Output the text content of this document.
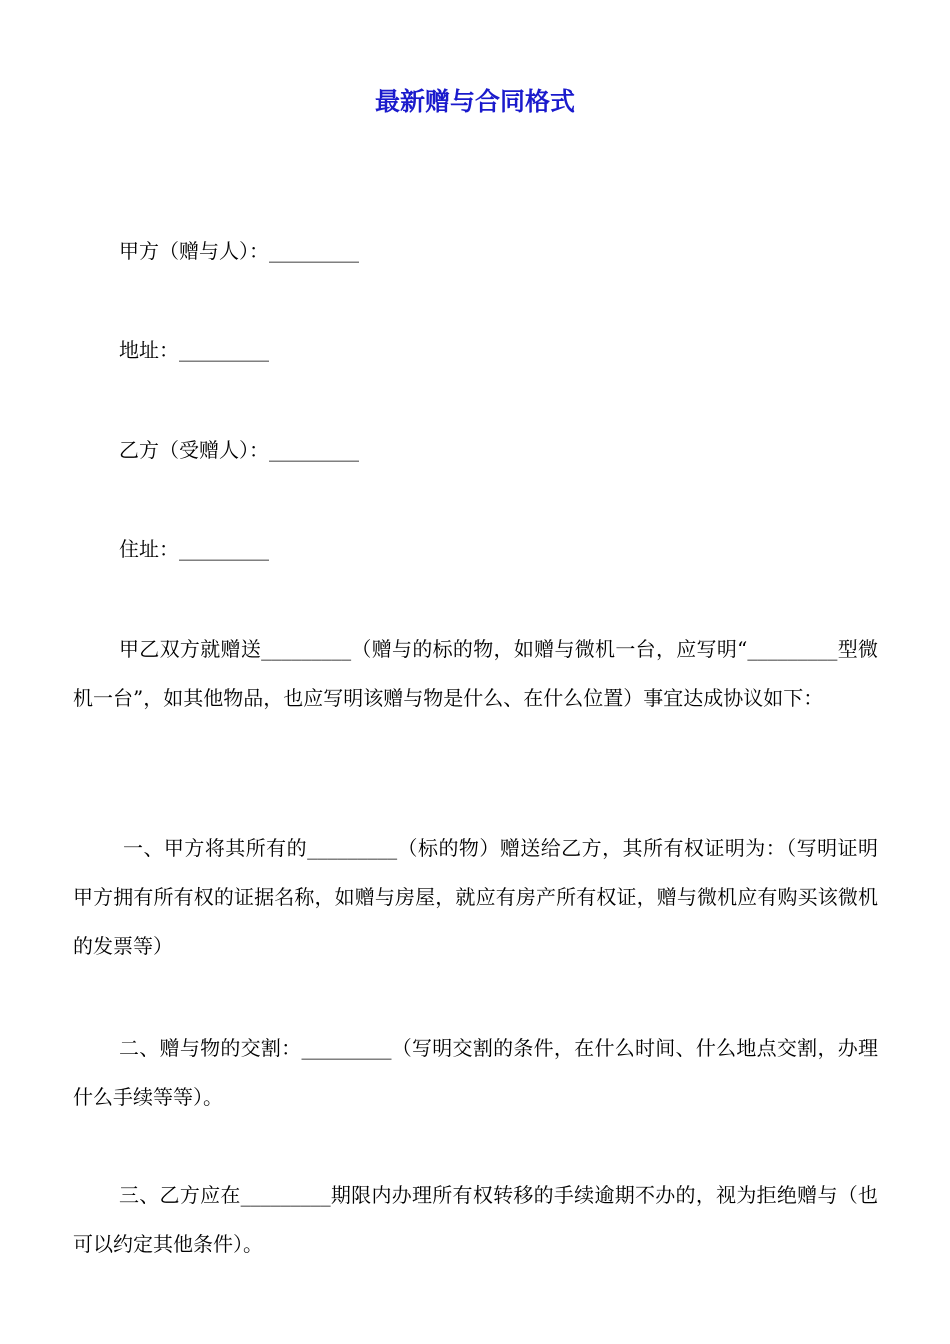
最新赠与合同格式
甲方（赠与人）：_________
地址：_________
乙方（受赠人）：_________
住址：_________
甲乙双方就赠送_________（赠与的标的物，如赠与微机一台，应写明“_________型微机一台”，如其他物品，也应写明该赠与物是什么、在什么位置）事宜达成协议如下：
一、甲方将其所有的_________（标的物）赠送给乙方，其所有权证明为：（写明证明甲方拥有所有权的证据名称，如赠与房屋，就应有房产所有权证，赠与微机应有购买该微机的发票等）
二、赠与物的交割：_________（写明交割的条件，在什么时间、什么地点交割，办理什么手续等等）。
三、乙方应在_________期限内办理所有权转移的手续逾期不办的，视为拒绝赠与（也可以约定其他条件）。
